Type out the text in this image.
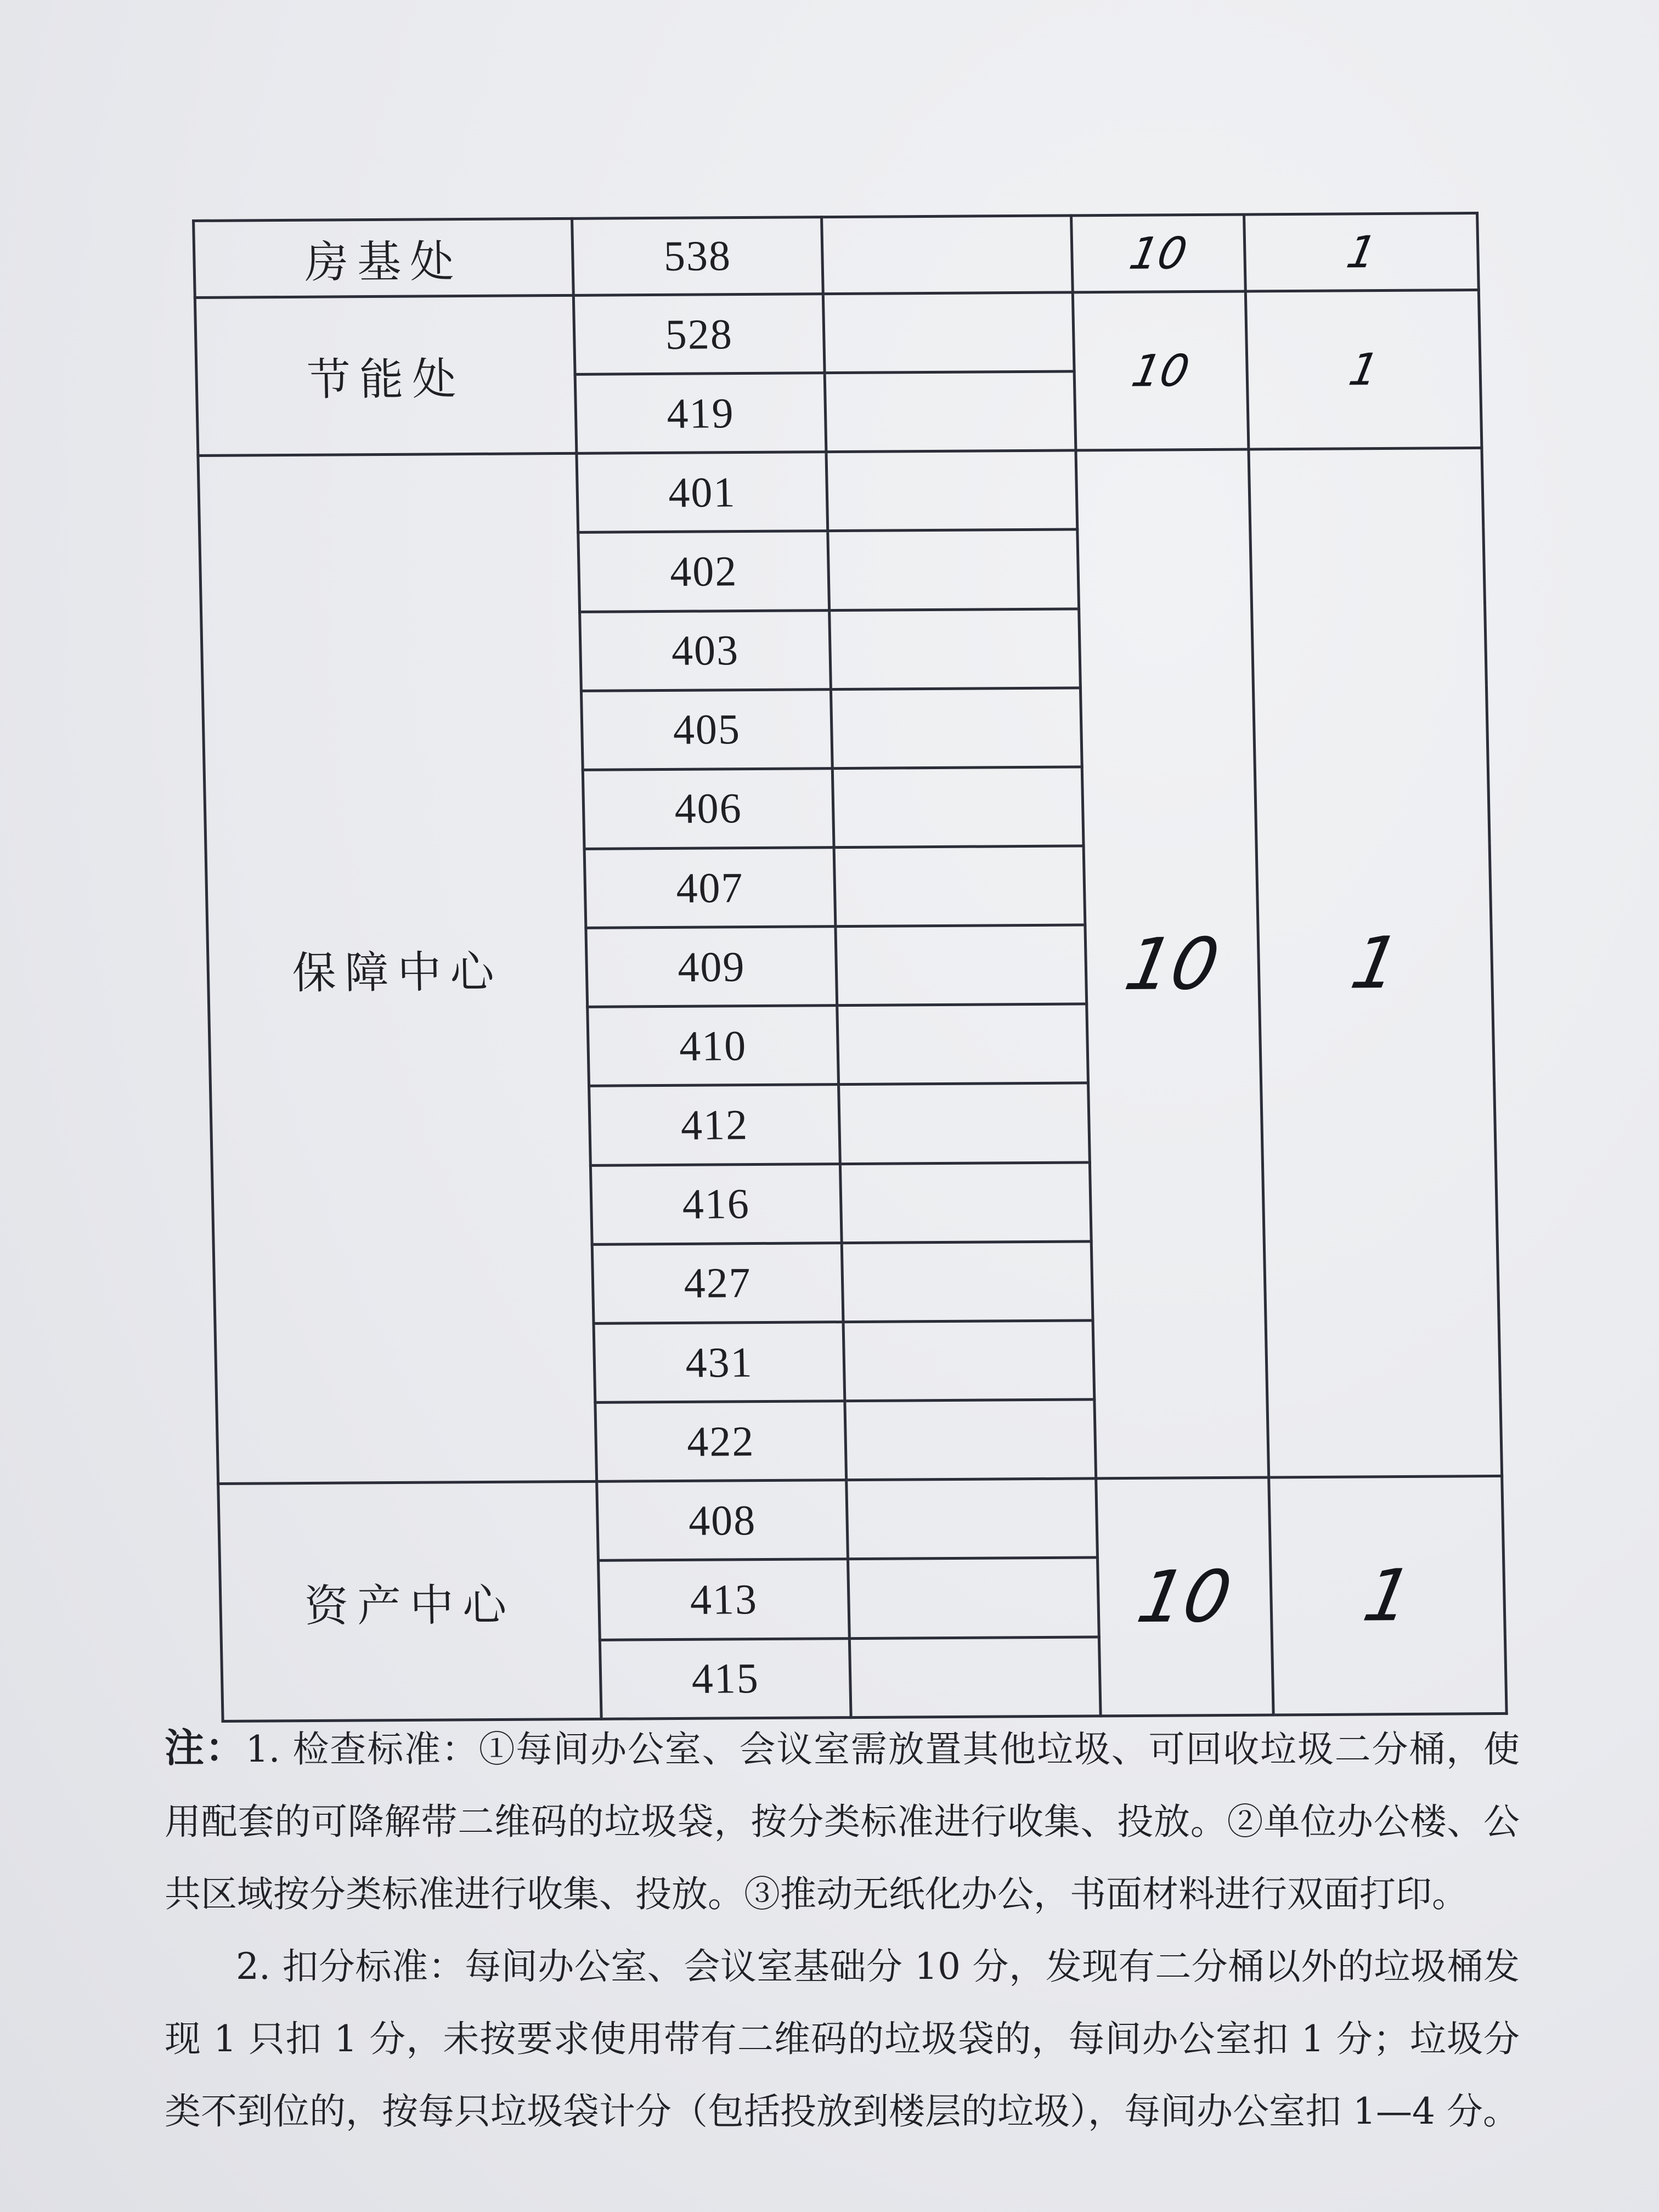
房基处	538		10	1
节能处	528		10	1
	419			
保障中心	401		10	1
	402			
	403			
	405			
	406			
	407			
	409			
	410			
	412			
	416			
	427			
	431			
	422			
资产中心	408		10	1
	413			
	415			

注：1. 检查标准：①每间办公室、会议室需放置其他垃圾、可回收垃圾二分桶，使用配套的可降解带二维码的垃圾袋，按分类标准进行收集、投放。②单位办公楼、公共区域按分类标准进行收集、投放。③推动无纸化办公，书面材料进行双面打印。

2. 扣分标准：每间办公室、会议室基础分 10 分，发现有二分桶以外的垃圾桶发现 1 只扣 1 分，未按要求使用带有二维码的垃圾袋的，每间办公室扣 1 分；垃圾分类不到位的，按每只垃圾袋计分（包括投放到楼层的垃圾），每间办公室扣 1—4 分。
